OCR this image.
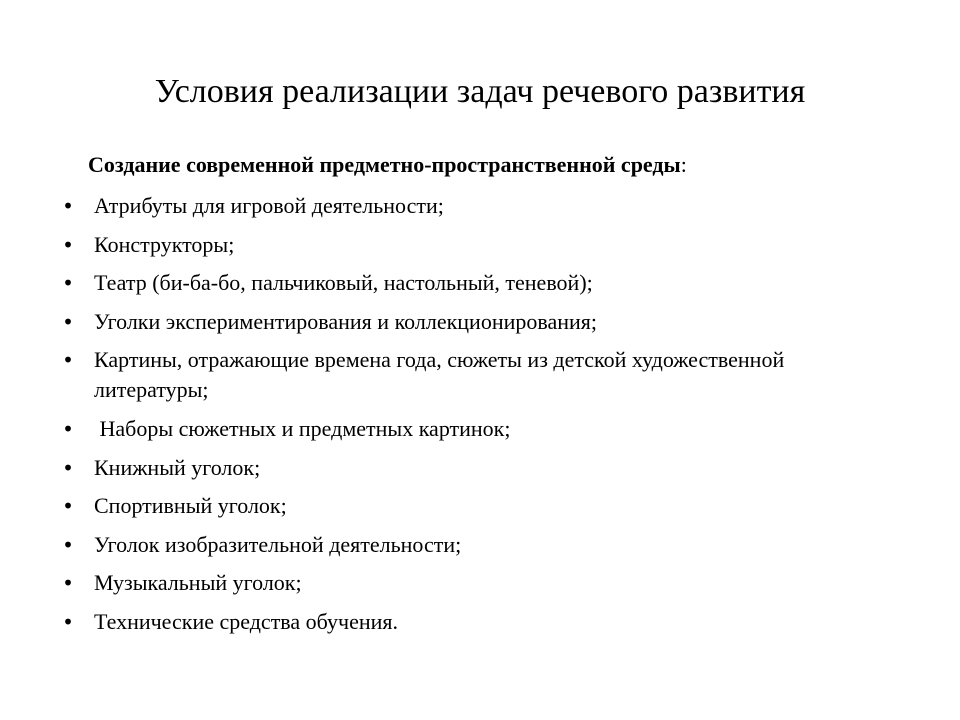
Условия реализации задач речевого развития

Создание современной предметно-пространственной среды:

• Атрибуты для игровой деятельности;
• Конструкторы;
• Театр (би-ба-бо, пальчиковый, настольный, теневой);
• Уголки экспериментирования и коллекционирования;
• Картины, отражающие времена года, сюжеты из детской художественной литературы;
• Наборы сюжетных и предметных картинок;
• Книжный уголок;
• Спортивный уголок;
• Уголок изобразительной деятельности;
• Музыкальный уголок;
• Технические средства обучения.
